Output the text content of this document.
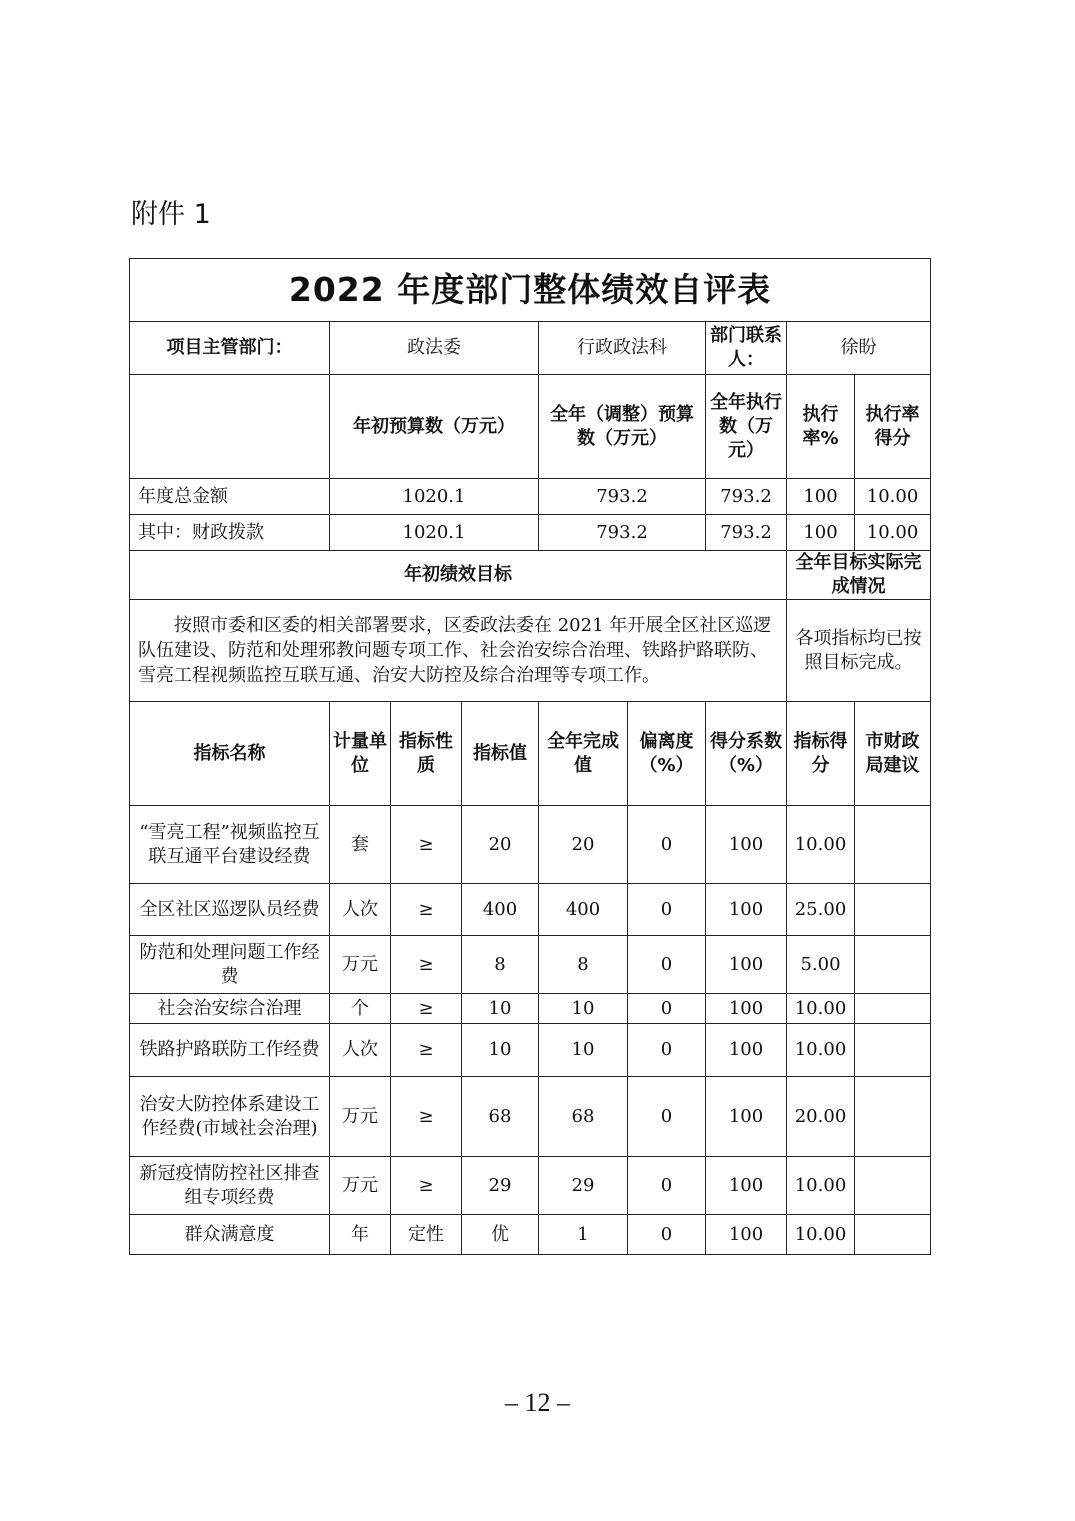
附件 1
2022 年度部门整体绩效自评表								
项目主管部门：	政法委			行政政法科		部门联系人：	徐盼	
	年初预算数（万元）			全年（调整）预算数（万元）		全年执行数（万元）	执行率%	执行率得分
年度总金额	1020.1			793.2		793.2	100	10.00
其中：财政拨款	1020.1			793.2		793.2	100	10.00
年初绩效目标							全年目标实际完成情况	
按照市委和区委的相关部署要求，区委政法委在 2021 年开展全区社区巡逻队伍建设、防范和处理邪教问题专项工作、社会治安综合治理、铁路护路联防、雪亮工程视频监控互联互通、治安大防控及综合治理等专项工作。							各项指标均已按照目标完成。	
指标名称	计量单位	指标性质	指标值	全年完成值	偏离度（%）	得分系数（%）	指标得分	市财政局建议
“雪亮工程”视频监控互联互通平台建设经费	套	≥	20	20	0	100	10.00	
全区社区巡逻队员经费	人次	≥	400	400	0	100	25.00	
防范和处理问题工作经费	万元	≥	8	8	0	100	5.00	
社会治安综合治理	个	≥	10	10	0	100	10.00	
铁路护路联防工作经费	人次	≥	10	10	0	100	10.00	
治安大防控体系建设工作经费(市域社会治理)	万元	≥	68	68	0	100	20.00	
新冠疫情防控社区排查组专项经费	万元	≥	29	29	0	100	10.00	
群众满意度	年	定性	优	1	0	100	10.00	
– 12 –
